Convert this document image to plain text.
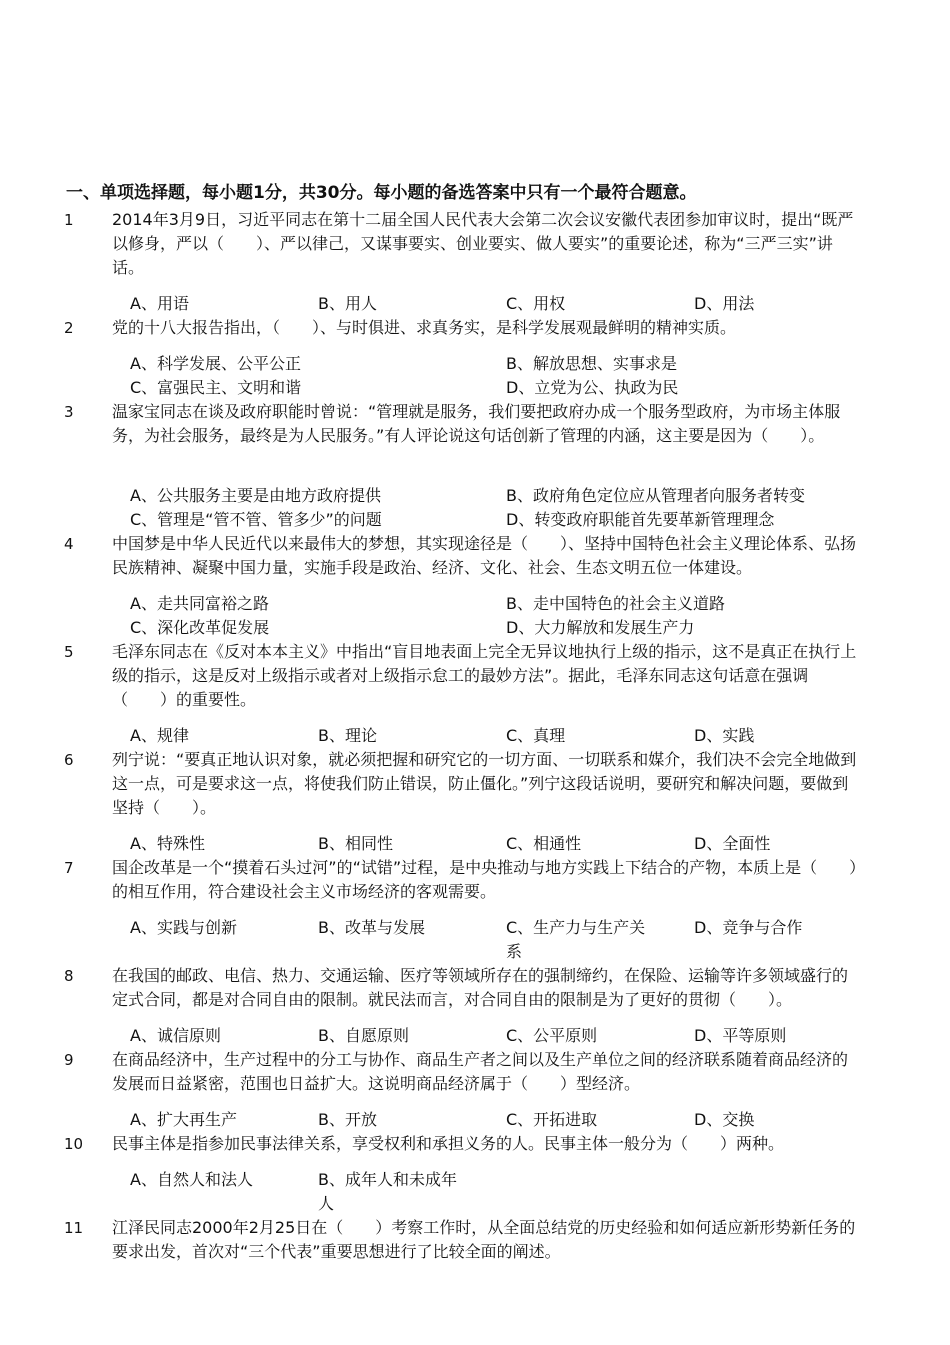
一、单项选择题，每小题1分，共30分。每小题的备选答案中只有一个最符合题意。
1 2014年3月9日，习近平同志在第十二届全国人民代表大会第二次会议安徽代表团参加审议时，提出“既严以修身，严以（　　）、严以律己，又谋事要实、创业要实、做人要实”的重要论述，称为“三严三实”讲话。
A、用语	B、用人	C、用权	D、用法
2 党的十八大报告指出，（　　）、与时俱进、求真务实，是科学发展观最鲜明的精神实质。
A、科学发展、公平公正	B、解放思想、实事求是
C、富强民主、文明和谐	D、立党为公、执政为民
3 温家宝同志在谈及政府职能时曾说：“管理就是服务，我们要把政府办成一个服务型政府，为市场主体服务，为社会服务，最终是为人民服务。”有人评论说这句话创新了管理的内涵，这主要是因为（　　）。
A、公共服务主要是由地方政府提供	B、政府角色定位应从管理者向服务者转变
C、管理是“管不管、管多少”的问题	D、转变政府职能首先要革新管理理念
4 中国梦是中华人民近代以来最伟大的梦想，其实现途径是（　　）、坚持中国特色社会主义理论体系、弘扬民族精神、凝聚中国力量，实施手段是政治、经济、文化、社会、生态文明五位一体建设。
A、走共同富裕之路	B、走中国特色的社会主义道路
C、深化改革促发展	D、大力解放和发展生产力
5 毛泽东同志在《反对本本主义》中指出“盲目地表面上完全无异议地执行上级的指示，这不是真正在执行上级的指示，这是反对上级指示或者对上级指示怠工的最妙方法”。据此，毛泽东同志这句话意在强调（　　）的重要性。
A、规律	B、理论	C、真理	D、实践
6 列宁说：“要真正地认识对象，就必须把握和研究它的一切方面、一切联系和媒介，我们决不会完全地做到这一点，可是要求这一点，将使我们防止错误，防止僵化。”列宁这段话说明，要研究和解决问题，要做到坚持（　　）。
A、特殊性	B、相同性	C、相通性	D、全面性
7 国企改革是一个“摸着石头过河”的“试错”过程，是中央推动与地方实践上下结合的产物，本质上是（　　）的相互作用，符合建设社会主义市场经济的客观需要。
A、实践与创新	B、改革与发展	C、生产力与生产关系
D、竞争与合作
8 在我国的邮政、电信、热力、交通运输、医疗等领域所存在的强制缔约，在保险、运输等许多领域盛行的定式合同，都是对合同自由的限制。就民法而言，对合同自由的限制是为了更好的贯彻（　　）。
A、诚信原则	B、自愿原则	C、公平原则	D、平等原则
9 在商品经济中，生产过程中的分工与协作、商品生产者之间以及生产单位之间的经济联系随着商品经济的发展而日益紧密，范围也日益扩大。这说明商品经济属于（　　）型经济。
A、扩大再生产	B、开放	C、开拓进取	D、交换
10 民事主体是指参加民事法律关系，享受权利和承担义务的人。民事主体一般分为（　　）两种。
A、自然人和法人	B、成年人和未成年人
11 江泽民同志2000年2月25日在（　　）考察工作时，从全面总结党的历史经验和如何适应新形势新任务的要求出发，首次对“三个代表”重要思想进行了比较全面的阐述。
